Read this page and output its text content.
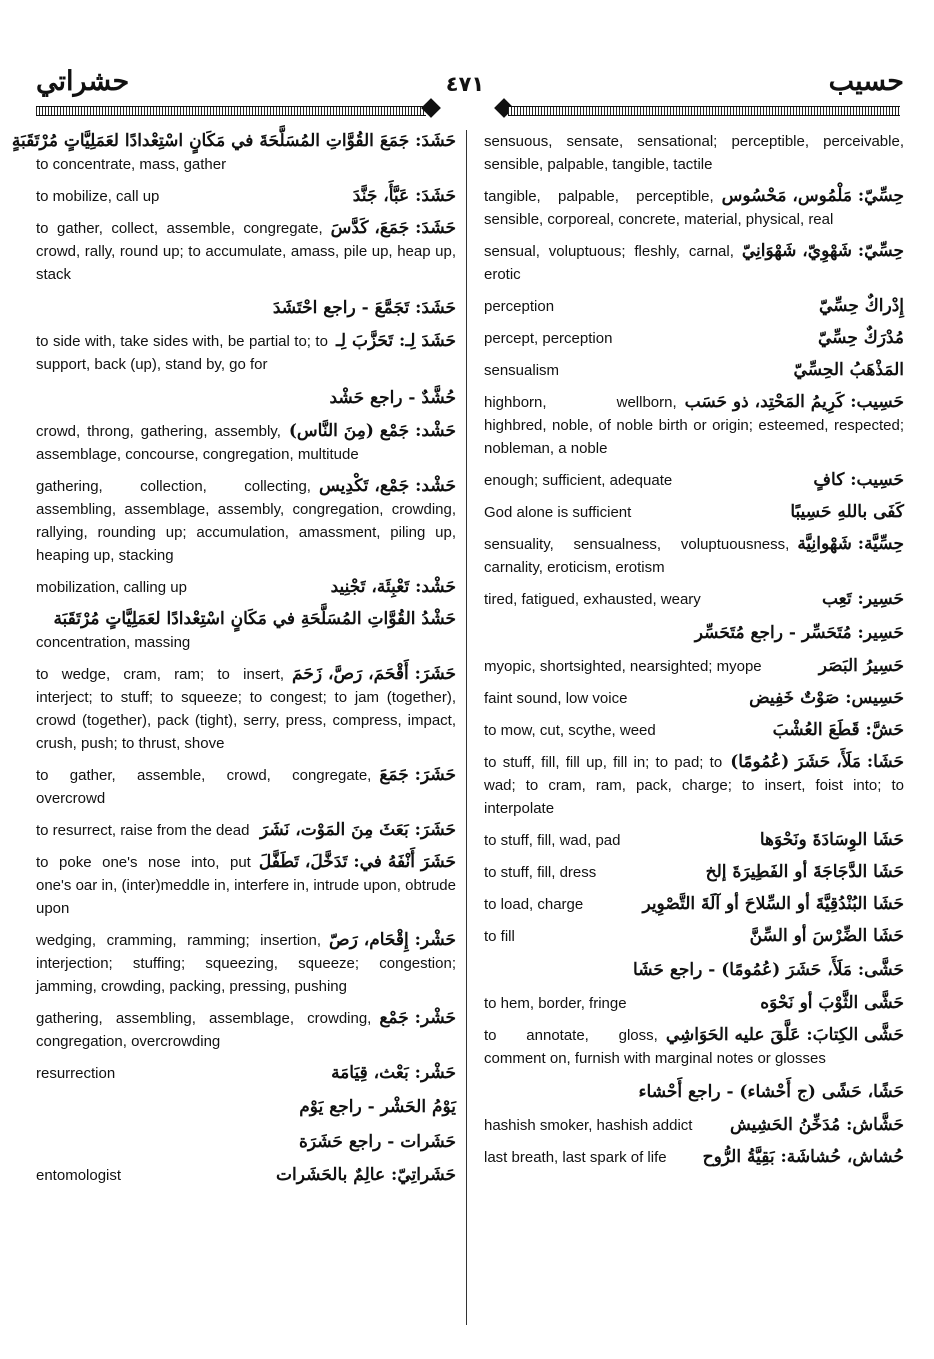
حشراتي	٤٧١	حسيب
حَشَدَ: جَمَعَ القُوَّاتِ المُسَلَّحَةَ في مَكَانٍ اسْتِعْدادًا لعَمَلِيَّاتٍ مُرْتَقَبَةٍ
to concentrate, mass, gather
حَشَدَ: عَبَّأَ، جَنَّدَ
to mobilize, call up
حَشَدَ: جَمَعَ، كَدَّسَ
to gather, collect, assemble, congregate, crowd, rally, round up; to accumulate, amass, pile up, heap up, stack
حَشَدَ: تَجَمَّعَ - راجع احْتَشَدَ
حَشَدَ لِـ: تَحَزَّبَ لِـ
to side with, take sides with, be partial to; to support, back (up), stand by, go for
حُشَّدٌ - راجع حَشْد
حَشْد: جَمْع (مِنَ النَّاس)
crowd, throng, gathering, assembly, assemblage, concourse, congregation, multitude
حَشْد: جَمْع، تَكْدِيس
gathering, collection, collecting, assembling, assemblage, assembly, congregation, crowding, rallying, rounding up; accumulation, amassment, piling up, heaping up, stacking
حَشْد: تَعْبِئَة، تَجْنِيد
mobilization, calling up
حَشْدُ القُوَّاتِ المُسَلَّحَةِ في مَكَانٍ اسْتِعْدادًا لعَمَلِيَّاتٍ مُرْتَقَبَة
concentration, massing
حَشَرَ: أَقْحَمَ، رَصَّ، زَحَمَ
to wedge, cram, ram; to insert, interject; to stuff; to squeeze; to congest; to jam (together), crowd (together), pack (tight), serry, press, compress, impact, crush, push; to thrust, shove
حَشَرَ: جَمَعَ
to gather, assemble, crowd, congregate, overcrowd
حَشَرَ: بَعَثَ مِنَ المَوْت، نَشَرَ
to resurrect, raise from the dead
حَشَرَ أَنْفَهُ في: تَدَخَّلَ، تَطَفَّلَ
to poke one's nose into, put one's oar in, (inter)meddle in, interfere in, intrude upon, obtrude upon
حَشْر: إِقْحَام، رَصّ
wedging, cramming, ramming; insertion, interjection; stuffing; squeezing, squeeze; congestion; jamming, crowding, packing, pressing, pushing
حَشْر: جَمْع
gathering, assembling, assemblage, crowding, congregation, overcrowding
حَشْر: بَعْث، قِيَامَة
resurrection
يَوْمُ الحَشْر - راجع يَوْم
حَشَرات - راجع حَشَرَة
حَشَراتِيّ: عالِمٌ بالحَشَرات
entomologist
sensuous, sensate, sensational; perceptible, perceivable, sensible, palpable, tangible, tactile
حِسِّيّ: مَلْمُوس، مَحْسُوس
tangible, palpable, perceptible, sensible, corporeal, concrete, material, physical, real
حِسِّيّ: شَهْوِيّ، شَهْوَانِيّ
sensual, voluptuous; fleshly, carnal, erotic
إِدْراكٌ حِسِّيّ
perception
مُدْرَكٌ حِسِّيّ
percept, perception
المَذْهَبُ الحِسِّيّ
sensualism
حَسِيب: كَرِيمُ المَحْتِد، ذو حَسَب
highborn, wellborn, highbred, noble, of noble birth or origin; esteemed, respected; nobleman, a noble
حَسِيب: كافٍ
enough; sufficient, adequate
كَفَى باللهِ حَسِيبًا
God alone is sufficient
حِسِّيَّة: شَهْوانِيَّة
sensuality, sensualness, voluptuousness, carnality, eroticism, erotism
حَسِير: تَعِب
tired, fatigued, exhausted, weary
حَسِير: مُتَحَسِّر - راجع مُتَحَسِّر
حَسِيرُ البَصَر
myopic, shortsighted, nearsighted; myope
حَسِيس: صَوْتٌ خَفِيض
faint sound, low voice
حَشَّ: قَطَعَ العُشْبَ
to mow, cut, scythe, weed
حَشَا: مَلَأَ، حَشَرَ (عُمُومًا)
to stuff, fill, fill up, fill in; to pad; to wad; to cram, ram, pack, charge; to insert, foist into; to interpolate
حَشَا الوِسَادَةَ ونَحْوَها
to stuff, fill, wad, pad
حَشَا الدَّجَاجَةَ أو الفَطِيرَةَ إلخ
to stuff, fill, dress
حَشَا البُنْدُقِيَّةَ أو السِّلاحَ أو آلَةَ التَّصْوِير
to load, charge
حَشَا الضِّرْسَ أو السِّنَّ
to fill
حَشَّى: مَلَأَ، حَشَرَ (عُمُومًا) - راجع حَشَا
حَشَّى الثَّوْبَ أو نَحْوَه
to hem, border, fringe
حَشَّى الكِتابَ: عَلَّقَ عليه الحَوَاشِي
to annotate, gloss, comment on, furnish with marginal notes or glosses
حَشًا، حَشًى (ج أَحْشاء) - راجع أَحْشاء
حَشَّاش: مُدَخِّنُ الحَشِيش
hashish smoker, hashish addict
حُشاش، حُشاشَة: بَقِيَّةُ الرُّوح
last breath, last spark of life
